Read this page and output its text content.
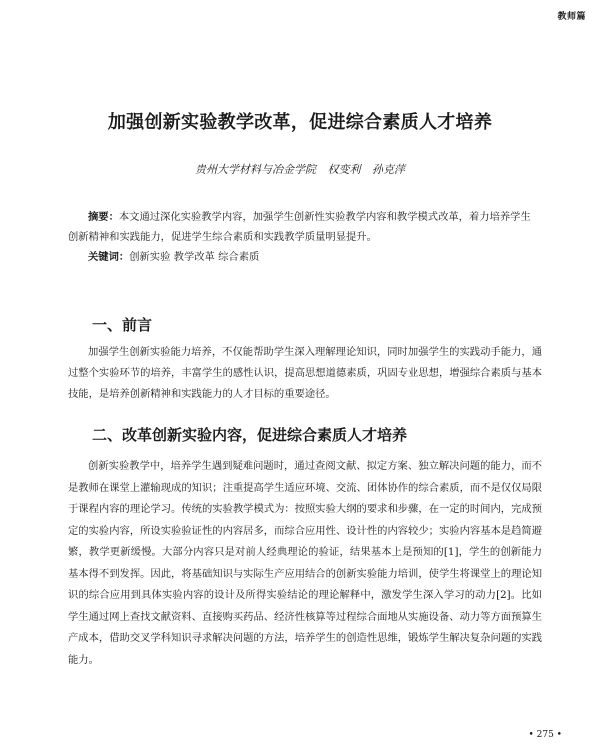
教师篇
加强创新实验教学改革，促进综合素质人才培养
贵州大学材料与冶金学院 权变利 孙克萍
摘要：本文通过深化实验教学内容，加强学生创新性实验教学内容和教学模式改革，着力培养学生创新精神和实践能力，促进学生综合素质和实践教学质量明显提升。
关键词：创新实验 教学改革 综合素质
一、前言
加强学生创新实验能力培养，不仅能帮助学生深入理解理论知识，同时加强学生的实践动手能力，通过整个实验环节的培养，丰富学生的感性认识，提高思想道德素质，巩固专业思想，增强综合素质与基本技能，是培养创新精神和实践能力的人才目标的重要途径。
二、改革创新实验内容，促进综合素质人才培养
创新实验教学中，培养学生遇到疑难问题时，通过查阅文献、拟定方案、独立解决问题的能力，而不是教师在课堂上灌输现成的知识；注重提高学生适应环境、交流、团体协作的综合素质，而不是仅仅局限于课程内容的理论学习。传统的实验教学模式为：按照实验大纲的要求和步骤，在一定的时间内，完成预定的实验内容，所设实验验证性的内容居多，而综合应用性、设计性的内容较少；实验内容基本是趋简避繁，教学更新缓慢。大部分内容只是对前人经典理论的验证，结果基本上是预知的[1]，学生的创新能力基本得不到发挥。因此，将基础知识与实际生产应用结合的创新实验能力培训，使学生将课堂上的理论知识的综合应用到具体实验内容的设计及所得实验结论的理论解释中，激发学生深入学习的动力[2]。比如学生通过网上查找文献资料、直接购买药品、经济性核算等过程综合面地从实施设备、动力等方面预算生产成本，借助交叉学科知识寻求解决问题的方法，培养学生的创造性思维，锻炼学生解决复杂问题的实践能力。
• 275 •
